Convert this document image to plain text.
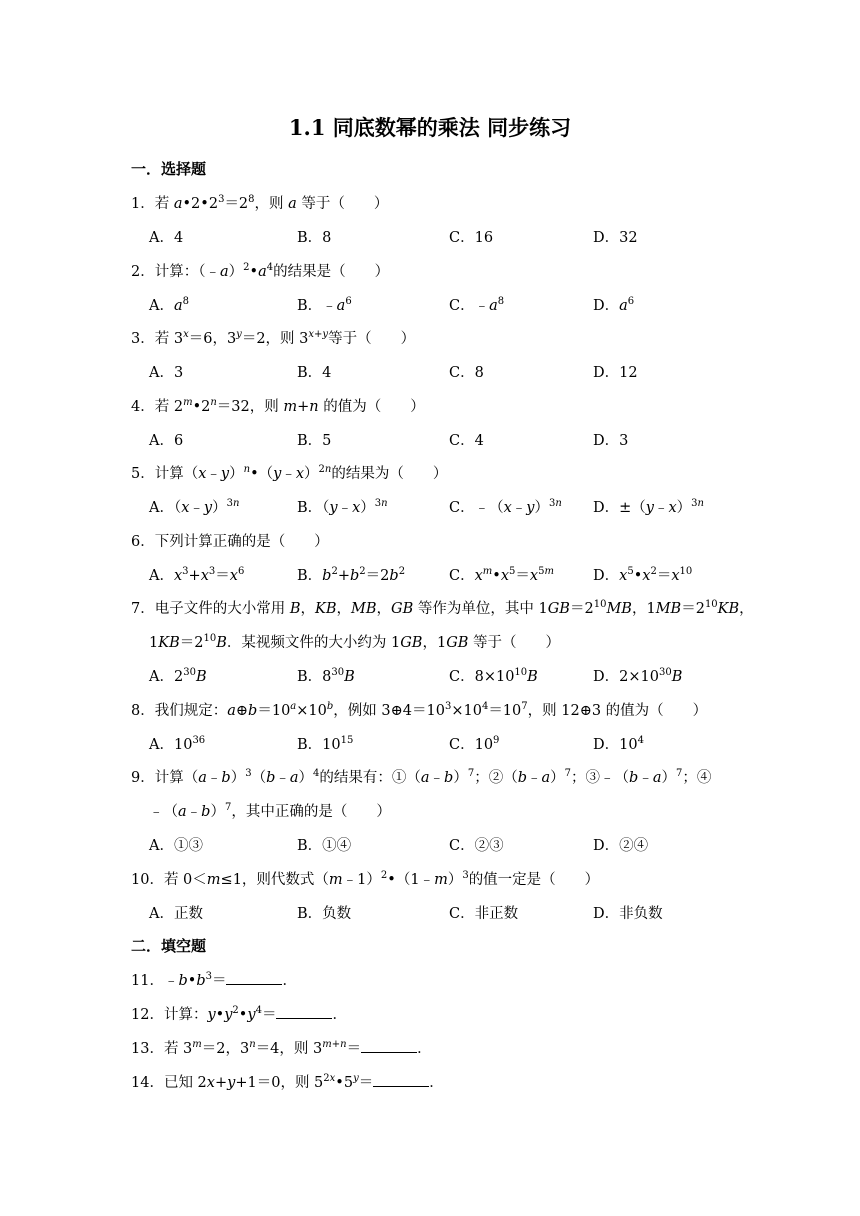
1.1 同底数幂的乘法 同步练习
一．选择题
1．若 $a•2•2^3=2^8$，则 a 等于（　　）
A．4	B．8	C．16	D．32
2．计算：$(﹣a)^2•a^4$的结果是（　　）
A．$a^8$	B．$﹣a^6$	C．$﹣a^8$	D．$a^6$
3．若 $3^x=6$，$3^y=2$，则 $3^{x+y}$等于（　　）
A．3	B．4	C．8	D．12
4．若 $2^m•2^n=32$，则 m+n 的值为（　　）
A．6	B．5	C．4	D．3
5．计算（x﹣y）$^n$•（y﹣x）$^{2n}$的结果为（　　）
A．（x﹣y）$^{3n}$	B．（y﹣x）$^{3n}$	C．﹣（x﹣y）$^{3n}$ D．±（y﹣x）$^{3n}$
6．下列计算正确的是（　　）
A．$x^3+x^3=x^6$	B．$b^2+b^2=2b^2$	C．$x^m•x^5=x^{5m}$	D．$x^5•x^2=x^{10}$
7．电子文件的大小常用 B，KB，MB，GB 等作为单位，其中 $1GB=2^{10}MB$，$1MB=2^{10}KB$，
$1KB=2^{10}B$．某视频文件的大小约为 1GB，1GB 等于（　　）
A．$2^{30}B$	B．$8^{30}B$	C．$8\times 10^{10}B$	D．$2\times 10^{30}B$
8．我们规定：$a\oplus b=10^a\times 10^b$，例如 $3\oplus 4=10^3\times 10^4=10^7$，则 12⊕3 的值为（　　）
A．$10^{36}$	B．$10^{15}$	C．$10^9$	D．$10^4$
9．计算（a﹣b）$^3$（b﹣a）$^4$的结果有：①（a﹣b）$^7$；②（b﹣a）$^7$；③﹣（b﹣a）$^7$；④
﹣（a﹣b）$^7$，其中正确的是（　　）
A．①③	B．①④	C．②③	D．②④
10．若 0＜m≤1，则代数式（m﹣1）$^2$•（1﹣m）$^3$的值一定是（　　）
A．正数	B．负数	C．非正数	D．非负数
二．填空题
11．$﹣b•b^3=$	．
12．计算：$y•y^2•y^4=$	．
13．若 $3^m=2$，$3^n=4$，则 $3^{m+n}=$	．
14．已知 2x+y+1＝0，则 $5^{2x}•5^y=$	．
